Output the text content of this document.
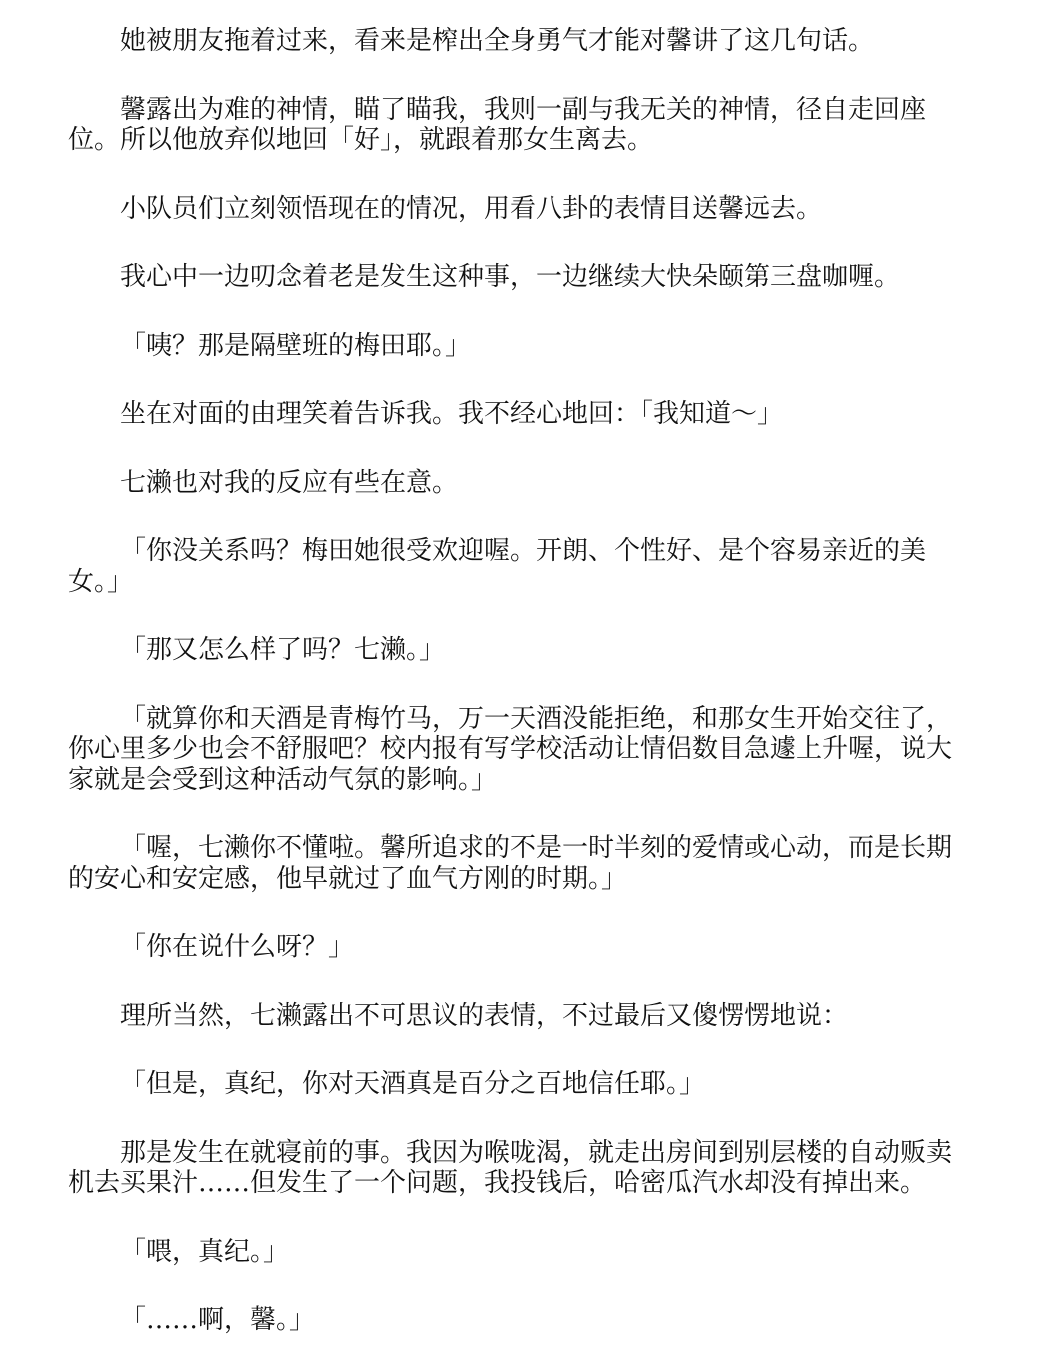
她被朋友拖着过来，看来是榨出全身勇气才能对馨讲了这几句话。

馨露出为难的神情，瞄了瞄我，我则一副与我无关的神情，径自走回座位。所以他放弃似地回「好」，就跟着那女生离去。

小队员们立刻领悟现在的情况，用看八卦的表情目送馨远去。

我心中一边叨念着老是发生这种事，一边继续大快朵颐第三盘咖喱。

「咦？那是隔壁班的梅田耶。」

坐在对面的由理笑着告诉我。我不经心地回：「我知道～」

七濑也对我的反应有些在意。

「你没关系吗？梅田她很受欢迎喔。开朗、个性好、是个容易亲近的美女。」

「那又怎么样了吗？七濑。」

「就算你和天酒是青梅竹马，万一天酒没能拒绝，和那女生开始交往了，你心里多少也会不舒服吧？校内报有写学校活动让情侣数目急遽上升喔，说大家就是会受到这种活动气氛的影响。」

「喔，七濑你不懂啦。馨所追求的不是一时半刻的爱情或心动，而是长期的安心和安定感，他早就过了血气方刚的时期。」

「你在说什么呀？」

理所当然，七濑露出不可思议的表情，不过最后又傻愣愣地说：

「但是，真纪，你对天酒真是百分之百地信任耶。」

那是发生在就寝前的事。我因为喉咙渴，就走出房间到别层楼的自动贩卖机去买果汁……但发生了一个问题，我投钱后，哈密瓜汽水却没有掉出来。

「喂，真纪。」

「……啊，馨。」
